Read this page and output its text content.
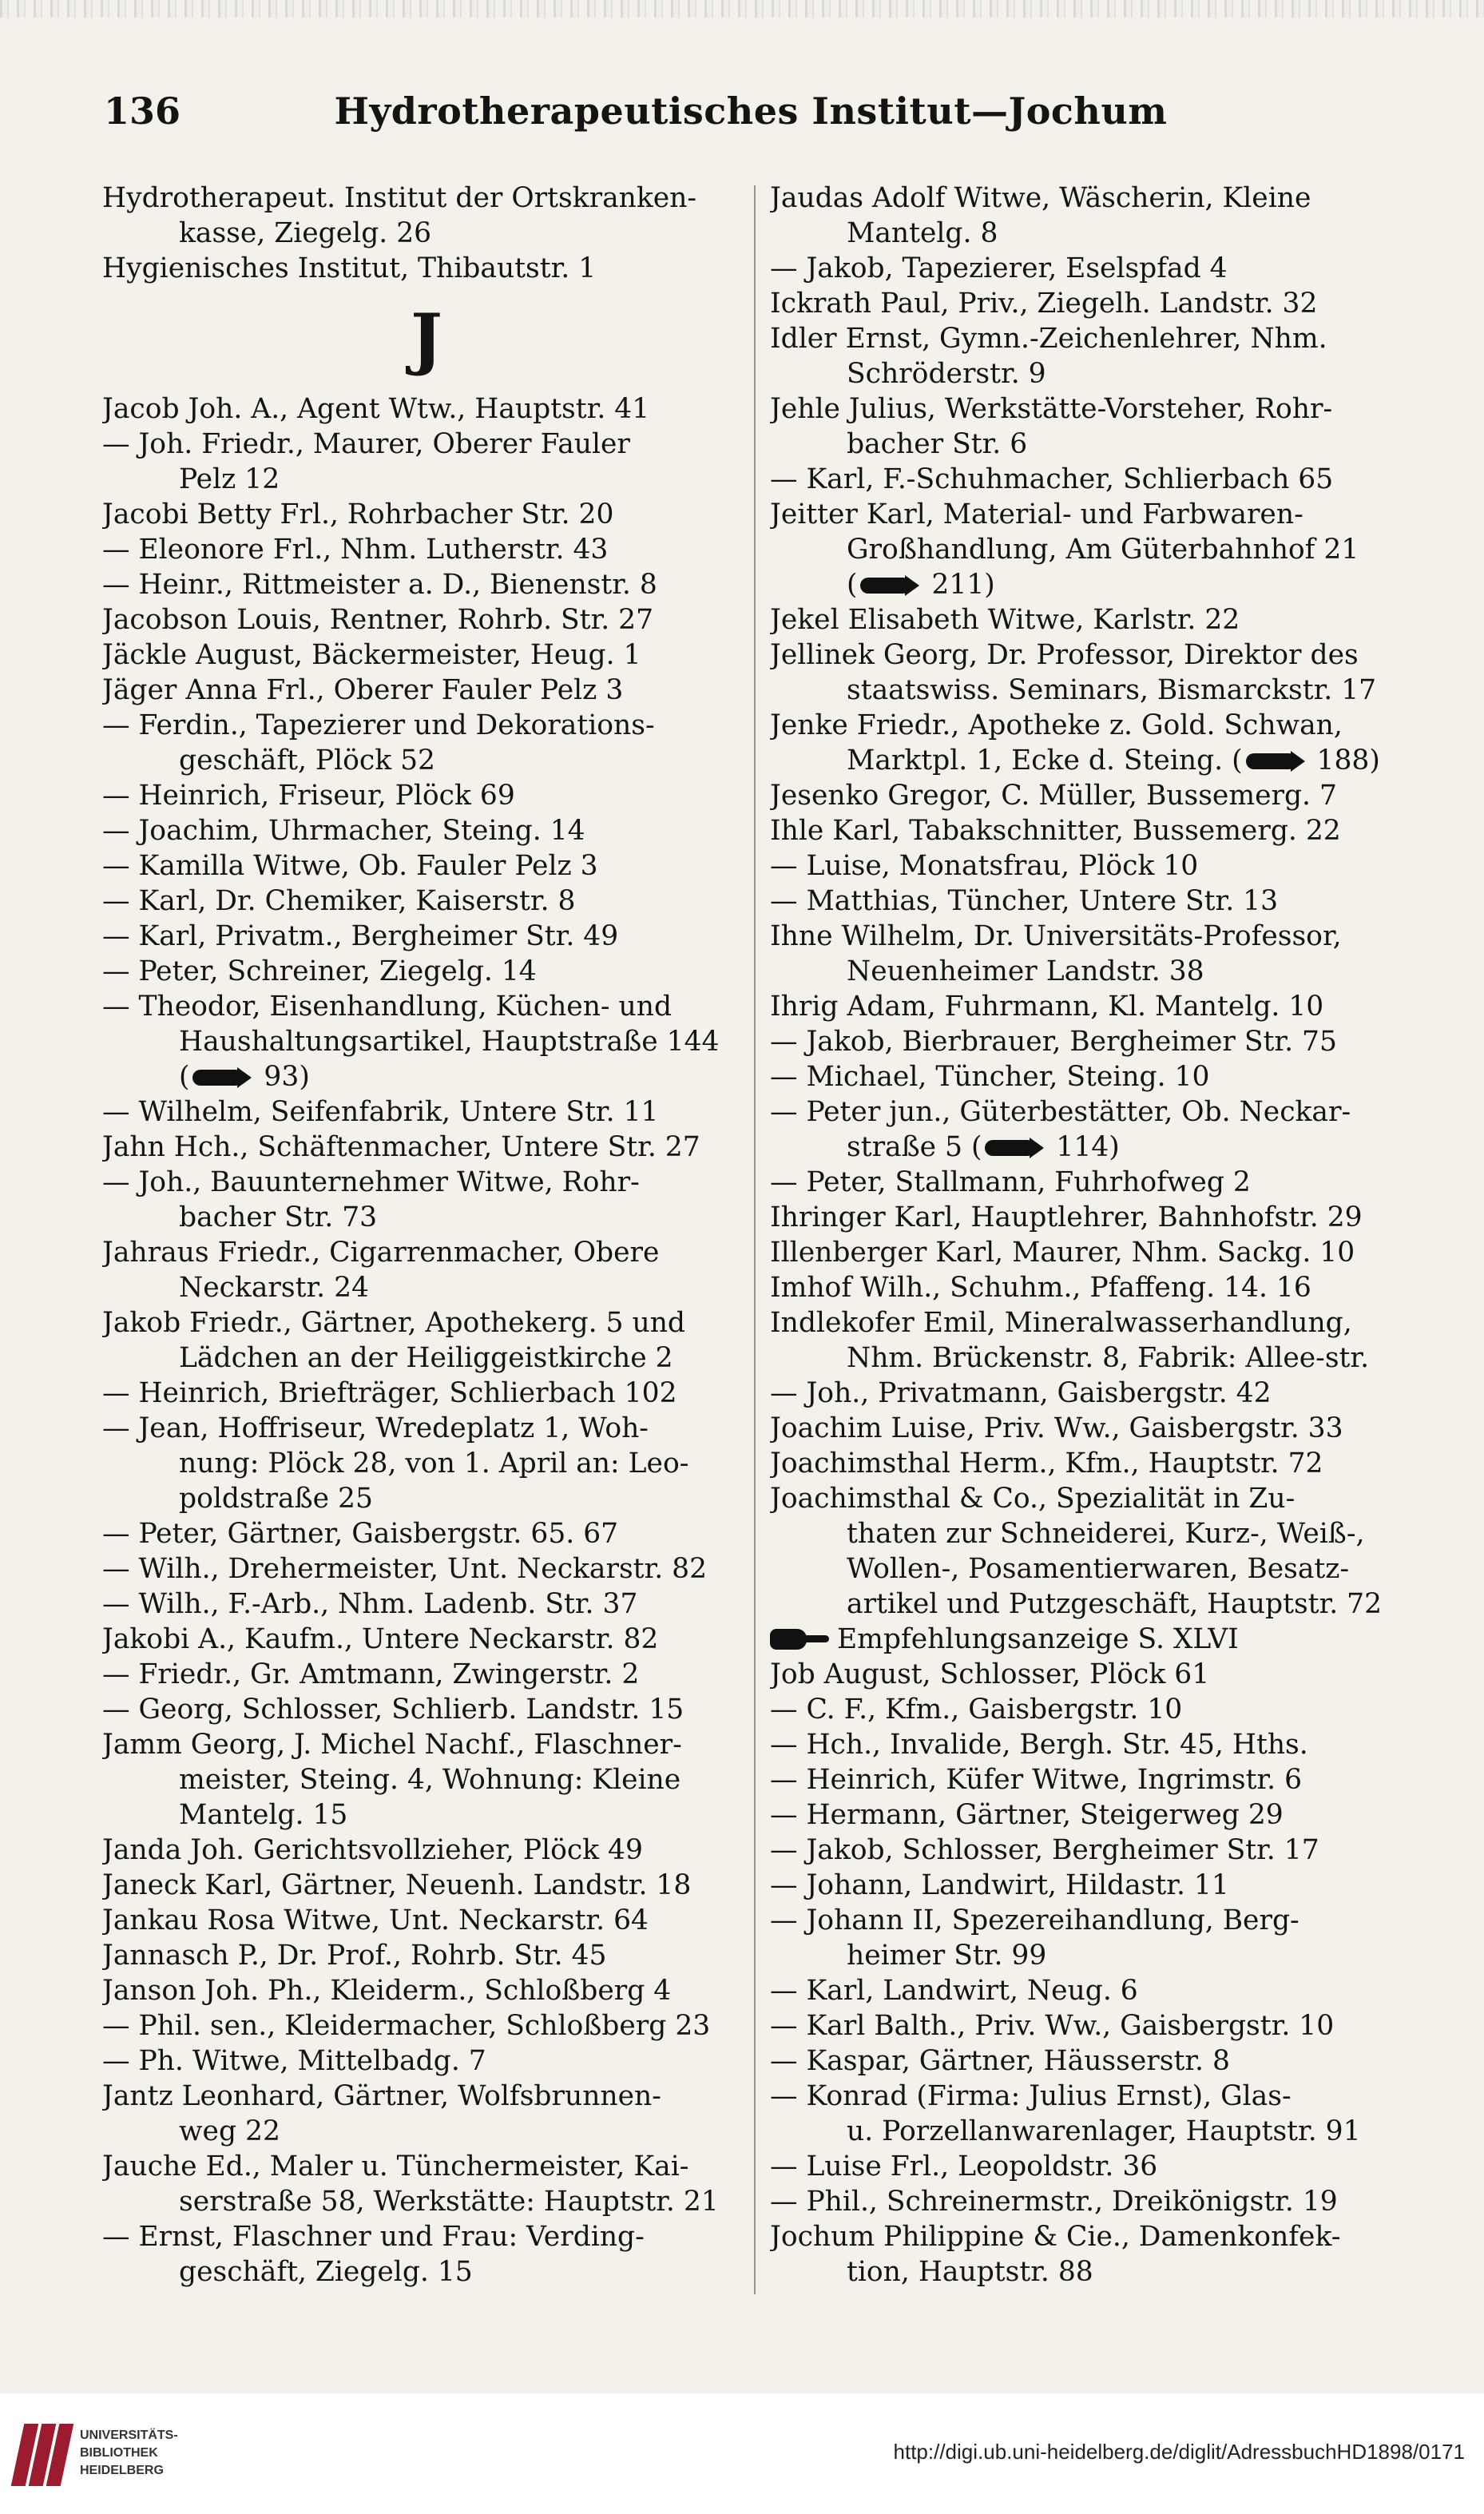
136	Hydrotherapeutisches Institut—Jochum
Hydrotherapeut. Institut der Ortskranken-
kasse, Ziegelg. 26
Hygienisches Institut, Thibautstr. 1
J
Jacob Joh. A., Agent Wtw., Hauptstr. 41
— Joh. Friedr., Maurer, Oberer Fauler
Pelz 12
Jacobi Betty Frl., Rohrbacher Str. 20
— Eleonore Frl., Nhm. Lutherstr. 43
— Heinr., Rittmeister a. D., Bienenstr. 8
Jacobson Louis, Rentner, Rohrb. Str. 27
Jäckle August, Bäckermeister, Heug. 1
Jäger Anna Frl., Oberer Fauler Pelz 3
— Ferdin., Tapezierer und Dekorations-
geschäft, Plöck 52
— Heinrich, Friseur, Plöck 69
— Joachim, Uhrmacher, Steing. 14
— Kamilla Witwe, Ob. Fauler Pelz 3
— Karl, Dr. Chemiker, Kaiserstr. 8
— Karl, Privatm., Bergheimer Str. 49
— Peter, Schreiner, Ziegelg. 14
— Theodor, Eisenhandlung, Küchen- und
Haushaltungsartikel, Hauptstraße 144
( 93)
— Wilhelm, Seifenfabrik, Untere Str. 11
Jahn Hch., Schäftenmacher, Untere Str. 27
— Joh., Bauunternehmer Witwe, Rohr-
bacher Str. 73
Jahraus Friedr., Cigarrenmacher, Obere
Neckarstr. 24
Jakob Friedr., Gärtner, Apothekerg. 5 und
Lädchen an der Heiliggeistkirche 2
— Heinrich, Briefträger, Schlierbach 102
— Jean, Hoffriseur, Wredeplatz 1, Woh-
nung: Plöck 28, von 1. April an: Leo-
poldstraße 25
— Peter, Gärtner, Gaisbergstr. 65. 67
— Wilh., Drehermeister, Unt. Neckarstr. 82
— Wilh., F.-Arb., Nhm. Ladenb. Str. 37
Jakobi A., Kaufm., Untere Neckarstr. 82
— Friedr., Gr. Amtmann, Zwingerstr. 2
— Georg, Schlosser, Schlierb. Landstr. 15
Jamm Georg, J. Michel Nachf., Flaschner-
meister, Steing. 4, Wohnung: Kleine
Mantelg. 15
Janda Joh. Gerichtsvollzieher, Plöck 49
Janeck Karl, Gärtner, Neuenh. Landstr. 18
Jankau Rosa Witwe, Unt. Neckarstr. 64
Jannasch P., Dr. Prof., Rohrb. Str. 45
Janson Joh. Ph., Kleiderm., Schloßberg 4
— Phil. sen., Kleidermacher, Schloßberg 23
— Ph. Witwe, Mittelbadg. 7
Jantz Leonhard, Gärtner, Wolfsbrunnen-
weg 22
Jauche Ed., Maler u. Tünchermeister, Kai-
serstraße 58, Werkstätte: Hauptstr. 21
— Ernst, Flaschner und Frau: Verding-
geschäft, Ziegelg. 15
Jaudas Adolf Witwe, Wäscherin, Kleine
Mantelg. 8
— Jakob, Tapezierer, Eselspfad 4
Ickrath Paul, Priv., Ziegelh. Landstr. 32
Idler Ernst, Gymn.-Zeichenlehrer, Nhm.
Schröderstr. 9
Jehle Julius, Werkstätte-Vorsteher, Rohr-
bacher Str. 6
— Karl, F.-Schuhmacher, Schlierbach 65
Jeitter Karl, Material- und Farbwaren-
Großhandlung, Am Güterbahnhof 21
( 211)
Jekel Elisabeth Witwe, Karlstr. 22
Jellinek Georg, Dr. Professor, Direktor des
staatswiss. Seminars, Bismarckstr. 17
Jenke Friedr., Apotheke z. Gold. Schwan,
Marktpl. 1, Ecke d. Steing. ( 188)
Jesenko Gregor, C. Müller, Bussemerg. 7
Ihle Karl, Tabakschnitter, Bussemerg. 22
— Luise, Monatsfrau, Plöck 10
— Matthias, Tüncher, Untere Str. 13
Ihne Wilhelm, Dr. Universitäts-Professor,
Neuenheimer Landstr. 38
Ihrig Adam, Fuhrmann, Kl. Mantelg. 10
— Jakob, Bierbrauer, Bergheimer Str. 75
— Michael, Tüncher, Steing. 10
— Peter jun., Güterbestätter, Ob. Neckar-
straße 5 ( 114)
— Peter, Stallmann, Fuhrhofweg 2
Ihringer Karl, Hauptlehrer, Bahnhofstr. 29
Illenberger Karl, Maurer, Nhm. Sackg. 10
Imhof Wilh., Schuhm., Pfaffeng. 14. 16
Indlekofer Emil, Mineralwasserhandlung,
Nhm. Brückenstr. 8, Fabrik: Allee-str.
— Joh., Privatmann, Gaisbergstr. 42
Joachim Luise, Priv. Ww., Gaisbergstr. 33
Joachimsthal Herm., Kfm., Hauptstr. 72
Joachimsthal & Co., Spezialität in Zu-
thaten zur Schneiderei, Kurz-, Weiß-,
Wollen-, Posamentierwaren, Besatz-
artikel und Putzgeschäft, Hauptstr. 72
Empfehlungsanzeige S. XLVI
Job August, Schlosser, Plöck 61
— C. F., Kfm., Gaisbergstr. 10
— Hch., Invalide, Bergh. Str. 45, Hths.
— Heinrich, Küfer Witwe, Ingrimstr. 6
— Hermann, Gärtner, Steigerweg 29
— Jakob, Schlosser, Bergheimer Str. 17
— Johann, Landwirt, Hildastr. 11
— Johann II, Spezereihandlung, Berg-
heimer Str. 99
— Karl, Landwirt, Neug. 6
— Karl Balth., Priv. Ww., Gaisbergstr. 10
— Kaspar, Gärtner, Häusserstr. 8
— Konrad (Firma: Julius Ernst), Glas-
u. Porzellanwarenlager, Hauptstr. 91
— Luise Frl., Leopoldstr. 36
— Phil., Schreinermstr., Dreikönigstr. 19
Jochum Philippine & Cie., Damenkonfek-
tion, Hauptstr. 88
UNIVERSITÄTS-
BIBLIOTHEK
HEIDELBERG
http://digi.ub.uni-heidelberg.de/diglit/AdressbuchHD1898/0171
